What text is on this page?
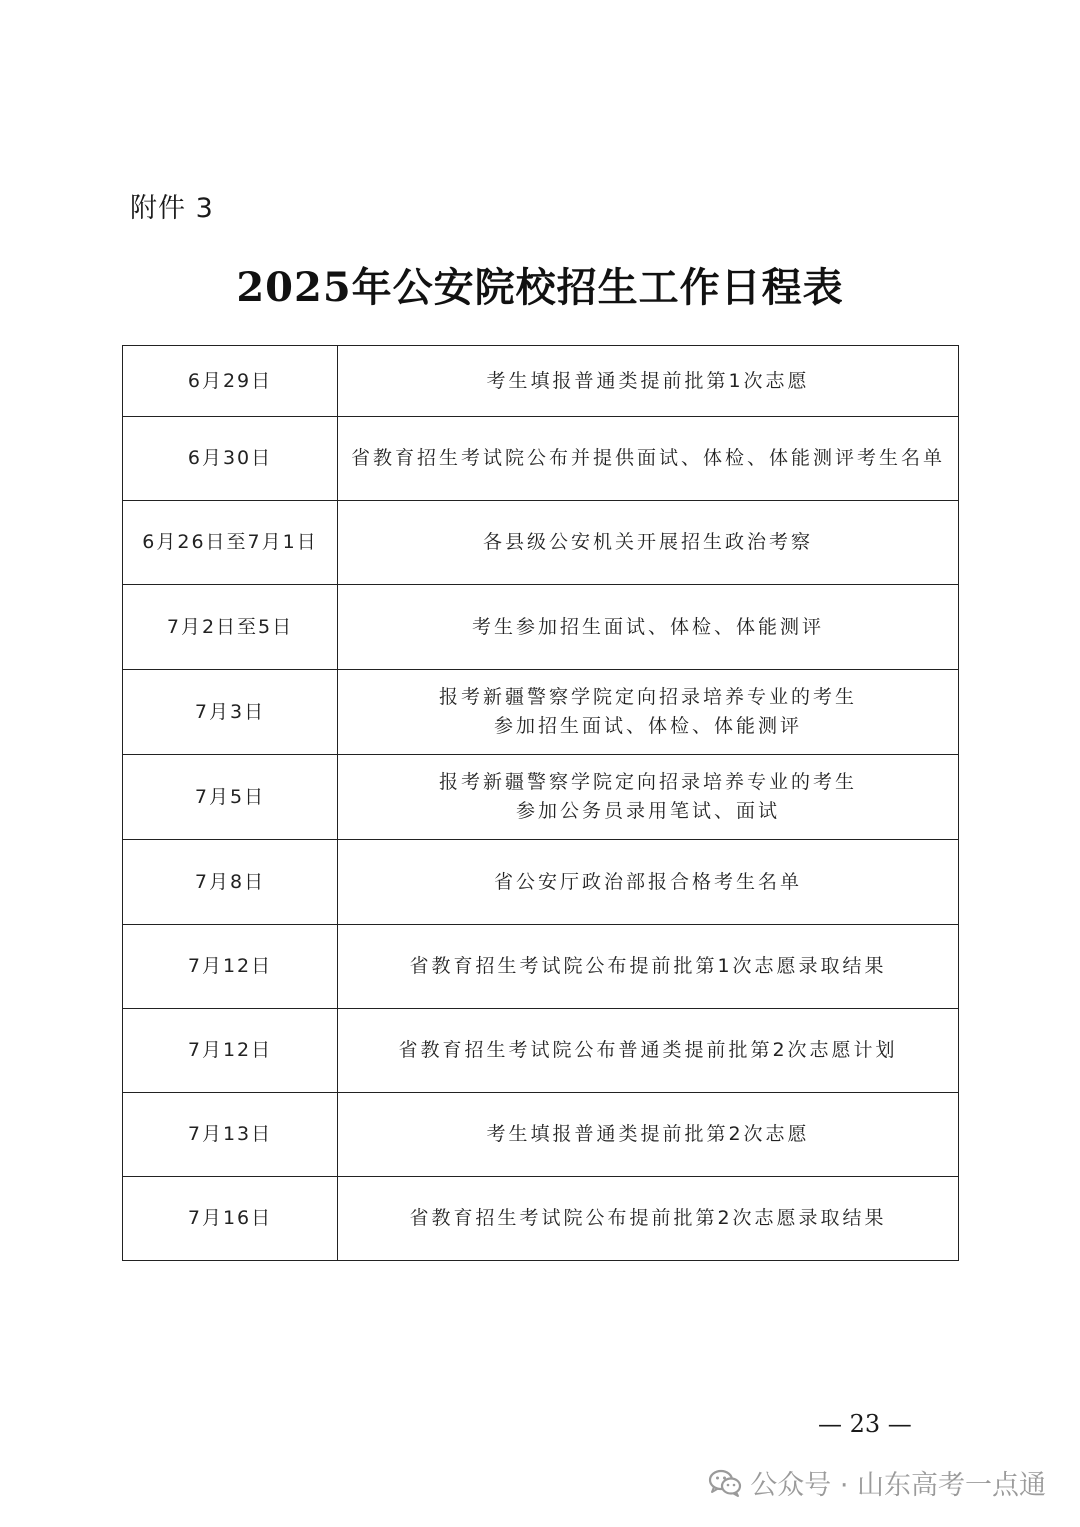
附件 3
2025年公安院校招生工作日程表
6月29日	考生填报普通类提前批第1次志愿

6月30日	省教育招生考试院公布并提供面试、体检、体能测评考生名单

6月26日至7月1日	各县级公安机关开展招生政治考察

7月2日至5日	考生参加招生面试、体检、体能测评

7月3日	报考新疆警察学院定向招录培养专业的考生
参加招生面试、体检、体能测评

7月5日	报考新疆警察学院定向招录培养专业的考生
参加公务员录用笔试、面试

7月8日	省公安厅政治部报合格考生名单

7月12日	省教育招生考试院公布提前批第1次志愿录取结果

7月12日	省教育招生考试院公布普通类提前批第2次志愿计划

7月13日	考生填报普通类提前批第2次志愿

7月16日	省教育招生考试院公布提前批第2次志愿录取结果
— 23 —
公众号 · 山东高考一点通
